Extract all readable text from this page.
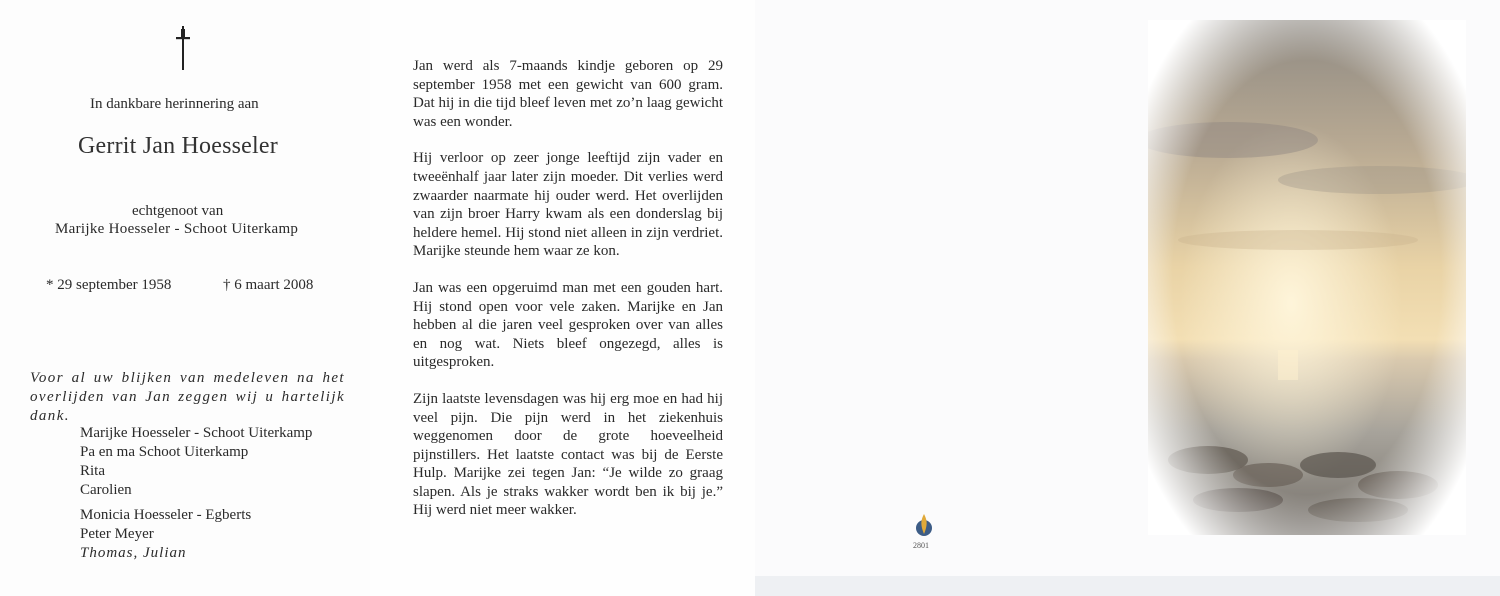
In dankbare herinnering aan
Gerrit Jan Hoesseler
echtgenoot van
Marijke Hoesseler - Schoot Uiterkamp
* 29 september 1958	† 6 maart 2008
Voor al uw blijken van medeleven na het overlijden van Jan zeggen wij u hartelijk dank.
Marijke Hoesseler - Schoot Uiterkamp
Pa en ma Schoot Uiterkamp
Rita
Carolien
Monicia Hoesseler - Egberts
Peter Meyer
Thomas, Julian

Jan werd als 7-maands kindje geboren op 29 september 1958 met een gewicht van 600 gram. Dat hij in die tijd bleef leven met zo’n laag gewicht was een wonder.

Hij verloor op zeer jonge leeftijd zijn vader en tweeënhalf jaar later zijn moeder. Dit verlies werd zwaarder naarmate hij ouder werd. Het overlijden van zijn broer Harry kwam als een donderslag bij heldere hemel. Hij stond niet alleen in zijn verdriet. Marijke steunde hem waar ze kon.

Jan was een opgeruimd man met een gouden hart. Hij stond open voor vele zaken. Marijke en Jan hebben al die jaren veel gesproken over van alles en nog wat. Niets bleef ongezegd, alles is uitgesproken.

Zijn laatste levensdagen was hij erg moe en had hij veel pijn. Die pijn werd in het ziekenhuis weggenomen door de grote hoeveelheid pijnstillers. Het laatste contact was bij de Eerste Hulp. Marijke zei tegen Jan: “Je wilde zo graag slapen. Als je straks wakker wordt ben ik bij je.” Hij werd niet meer wakker.

2801
